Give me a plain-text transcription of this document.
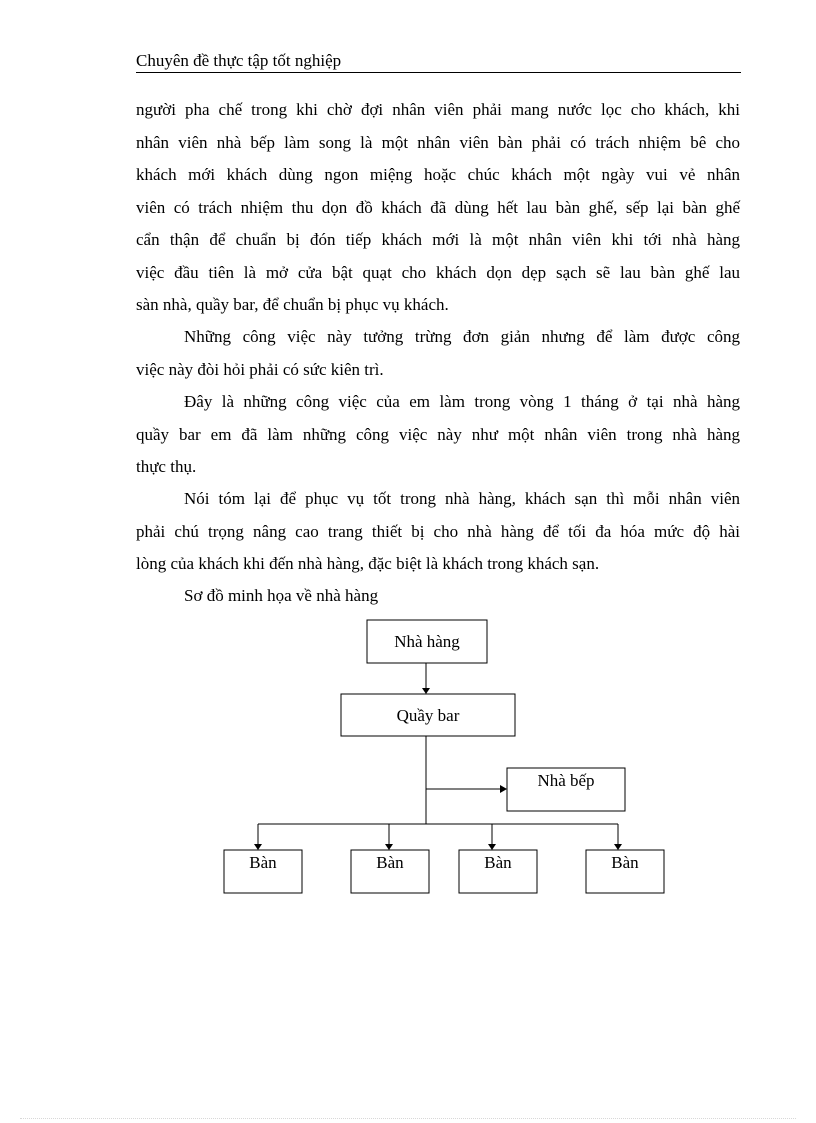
Chuyên đề thực tập tốt nghiệp
người pha chế trong khi chờ đợi nhân viên phải mang nước lọc cho khách, khi
nhân viên nhà bếp làm song là một nhân viên bàn phải có trách nhiệm bê cho
khách mới khách dùng ngon miệng hoặc chúc khách một ngày vui vẻ nhân
viên có trách nhiệm thu dọn đồ khách đã dùng hết lau bàn ghế, sếp lại bàn ghế
cẩn thận để chuẩn bị đón tiếp khách mới là một nhân viên khi tới nhà hàng
việc đầu tiên là mở cửa bật quạt cho khách dọn dẹp sạch sẽ lau bàn ghế lau
sàn nhà, quầy bar, để chuẩn bị phục vụ khách.
Những công việc này tưởng trừng đơn giản nhưng để làm được công
việc này đòi hỏi phải có sức kiên trì.
Đây là những công việc của em làm trong vòng 1 tháng ở tại nhà hàng
quầy bar em đã làm những công việc này như một nhân viên trong nhà hàng
thực thụ.
Nói tóm lại để phục vụ tốt trong nhà hàng, khách sạn thì mỗi nhân viên
phải chú trọng nâng cao trang thiết bị cho nhà hàng để tối đa hóa mức độ hài
lòng của khách khi đến nhà hàng, đặc biệt là khách trong khách sạn.
Sơ đồ minh họa về nhà hàng
Nhà hàng
Quầy bar
Nhà bếp
Bàn	Bàn	Bàn	Bàn
